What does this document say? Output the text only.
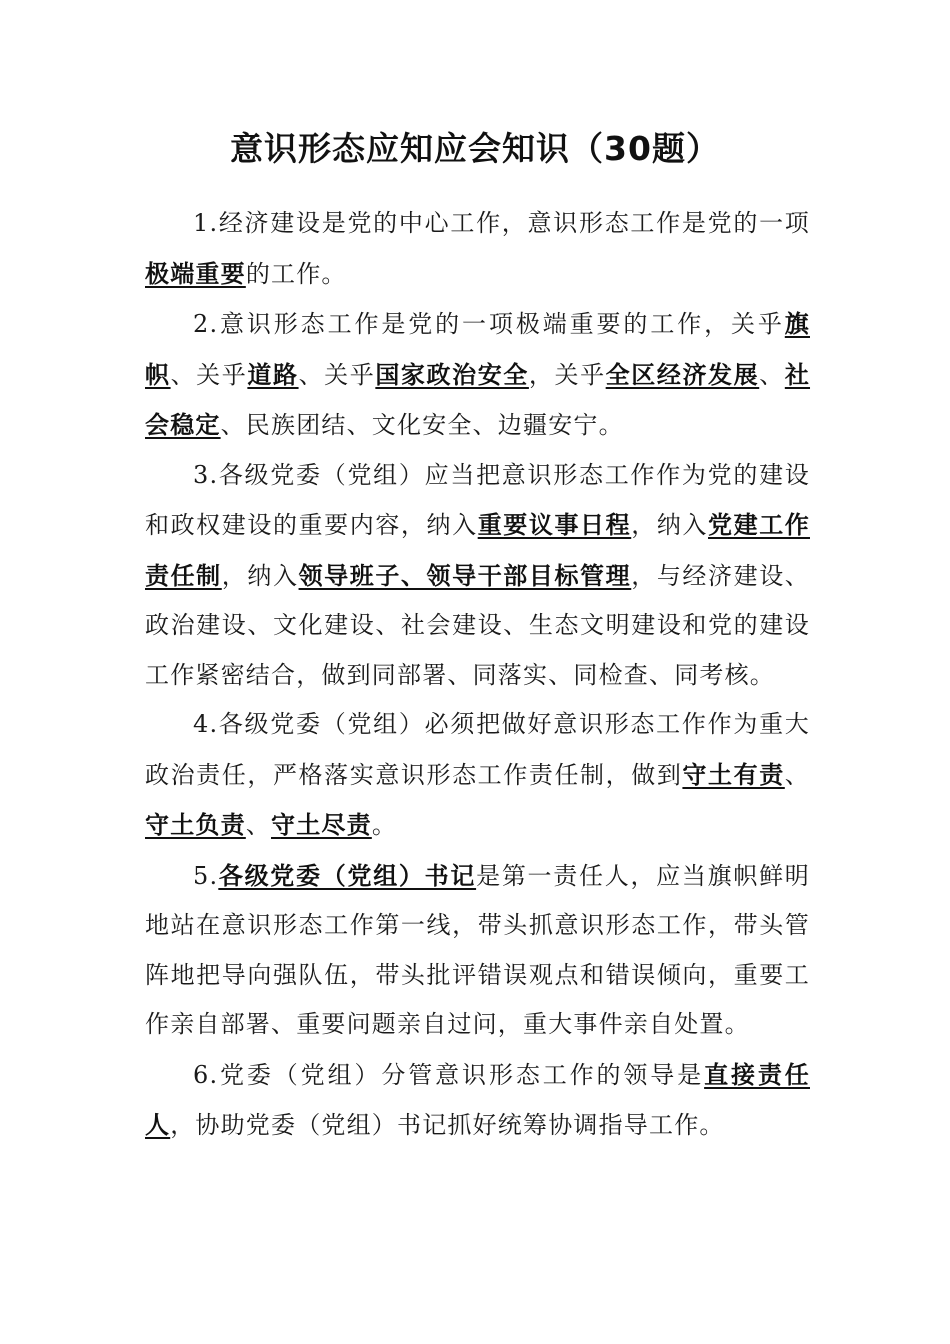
意识形态应知应会知识（30题）

1.经济建设是党的中心工作，意识形态工作是党的一项极端重要的工作。

2.意识形态工作是党的一项极端重要的工作，关乎旗帜、关乎道路、关乎国家政治安全，关乎全区经济发展、社会稳定、民族团结、文化安全、边疆安宁。

3.各级党委（党组）应当把意识形态工作作为党的建设和政权建设的重要内容，纳入重要议事日程，纳入党建工作责任制，纳入领导班子、领导干部目标管理，与经济建设、政治建设、文化建设、社会建设、生态文明建设和党的建设工作紧密结合，做到同部署、同落实、同检查、同考核。

4.各级党委（党组）必须把做好意识形态工作作为重大政治责任，严格落实意识形态工作责任制，做到守土有责、守土负责、守土尽责。

5.各级党委（党组）书记是第一责任人，应当旗帜鲜明地站在意识形态工作第一线，带头抓意识形态工作，带头管阵地把导向强队伍，带头批评错误观点和错误倾向，重要工作亲自部署、重要问题亲自过问，重大事件亲自处置。

6.党委（党组）分管意识形态工作的领导是直接责任人，协助党委（党组）书记抓好统筹协调指导工作。
